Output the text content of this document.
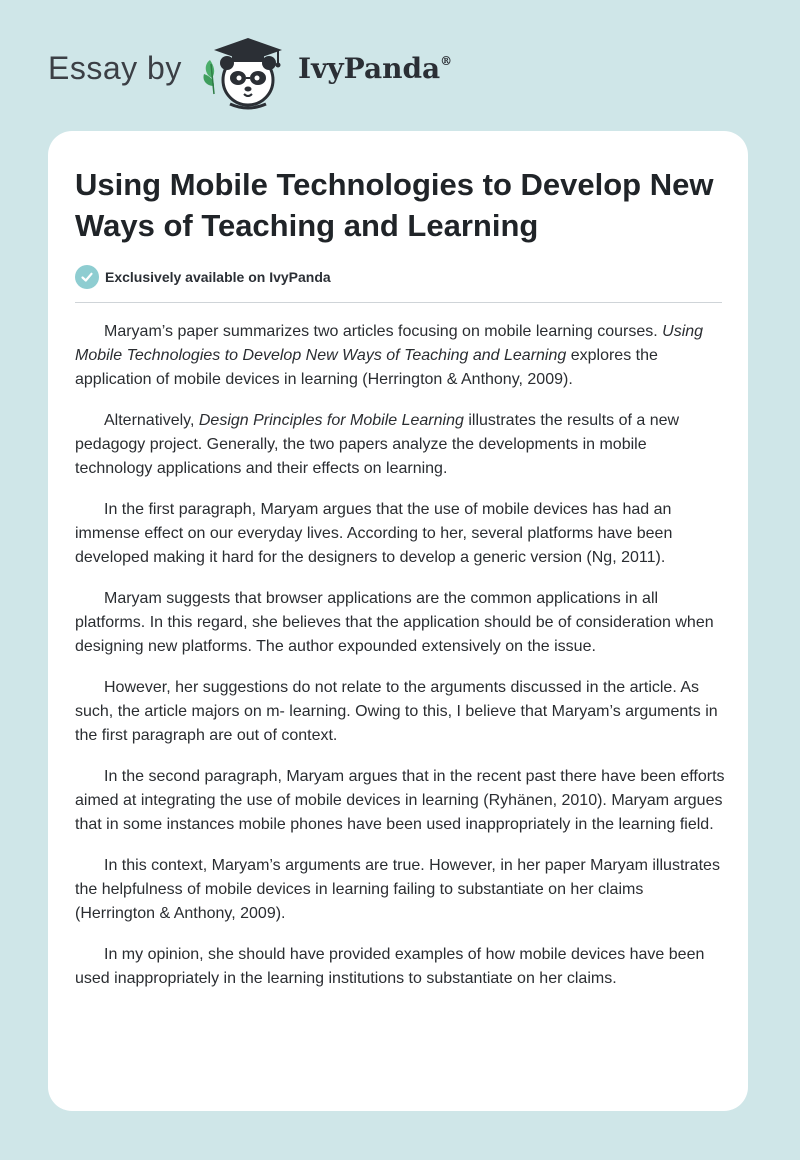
Essay by	IvyPanda®
Using Mobile Technologies to Develop New Ways of Teaching and Learning
Exclusively available on IvyPanda

Maryam’s paper summarizes two articles focusing on mobile learning courses. Using Mobile Technologies to Develop New Ways of Teaching and Learning explores the application of mobile devices in learning (Herrington & Anthony, 2009).

Alternatively, Design Principles for Mobile Learning illustrates the results of a new pedagogy project. Generally, the two papers analyze the developments in mobile technology applications and their effects on learning.

In the first paragraph, Maryam argues that the use of mobile devices has had an immense effect on our everyday lives. According to her, several platforms have been developed making it hard for the designers to develop a generic version (Ng, 2011).

Maryam suggests that browser applications are the common applications in all platforms. In this regard, she believes that the application should be of consideration when designing new platforms. The author expounded extensively on the issue.

However, her suggestions do not relate to the arguments discussed in the article. As such, the article majors on m- learning. Owing to this, I believe that Maryam’s arguments in the first paragraph are out of context.

In the second paragraph, Maryam argues that in the recent past there have been efforts aimed at integrating the use of mobile devices in learning (Ryhänen, 2010). Maryam argues that in some instances mobile phones have been used inappropriately in the learning field.

In this context, Maryam’s arguments are true. However, in her paper Maryam illustrates the helpfulness of mobile devices in learning failing to substantiate on her claims (Herrington & Anthony, 2009).

In my opinion, she should have provided examples of how mobile devices have been used inappropriately in the learning institutions to substantiate on her claims.
